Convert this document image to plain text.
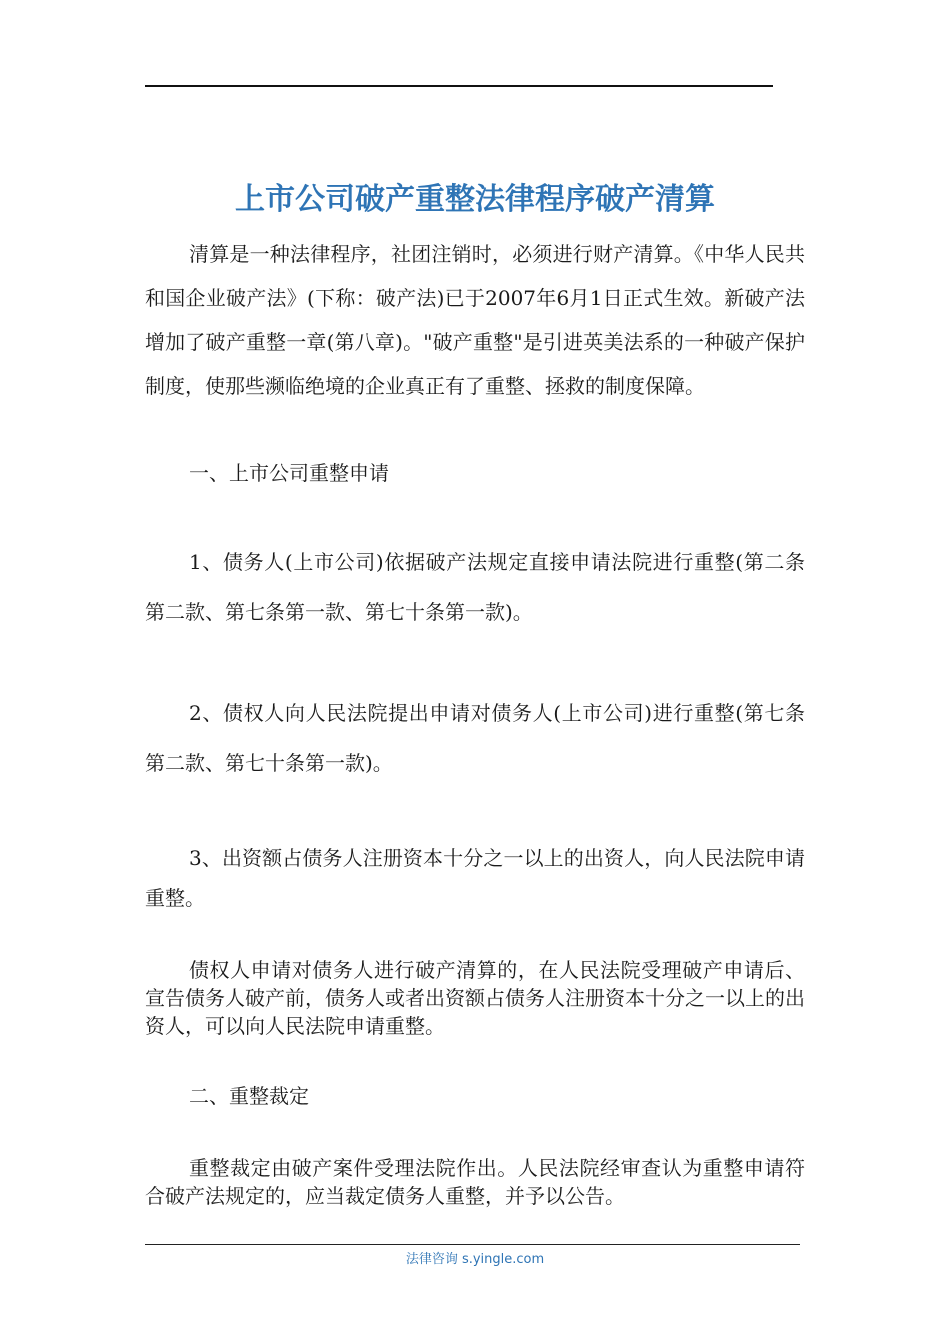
上市公司破产重整法律程序破产清算

清算是一种法律程序，社团注销时，必须进行财产清算。《中华人民共和国企业破产法》(下称：破产法)已于2007年6月1日正式生效。新破产法增加了破产重整一章(第八章)。"破产重整"是引进英美法系的一种破产保护制度，使那些濒临绝境的企业真正有了重整、拯救的制度保障。

一、上市公司重整申请

1、债务人(上市公司)依据破产法规定直接申请法院进行重整(第二条第二款、第七条第一款、第七十条第一款)。

2、债权人向人民法院提出申请对债务人(上市公司)进行重整(第七条第二款、第七十条第一款)。

3、出资额占债务人注册资本十分之一以上的出资人，向人民法院申请重整。

债权人申请对债务人进行破产清算的，在人民法院受理破产申请后、宣告债务人破产前，债务人或者出资额占债务人注册资本十分之一以上的出资人，可以向人民法院申请重整。

二、重整裁定

重整裁定由破产案件受理法院作出。人民法院经审查认为重整申请符合破产法规定的，应当裁定债务人重整，并予以公告。

法律咨询 s.yingle.com
